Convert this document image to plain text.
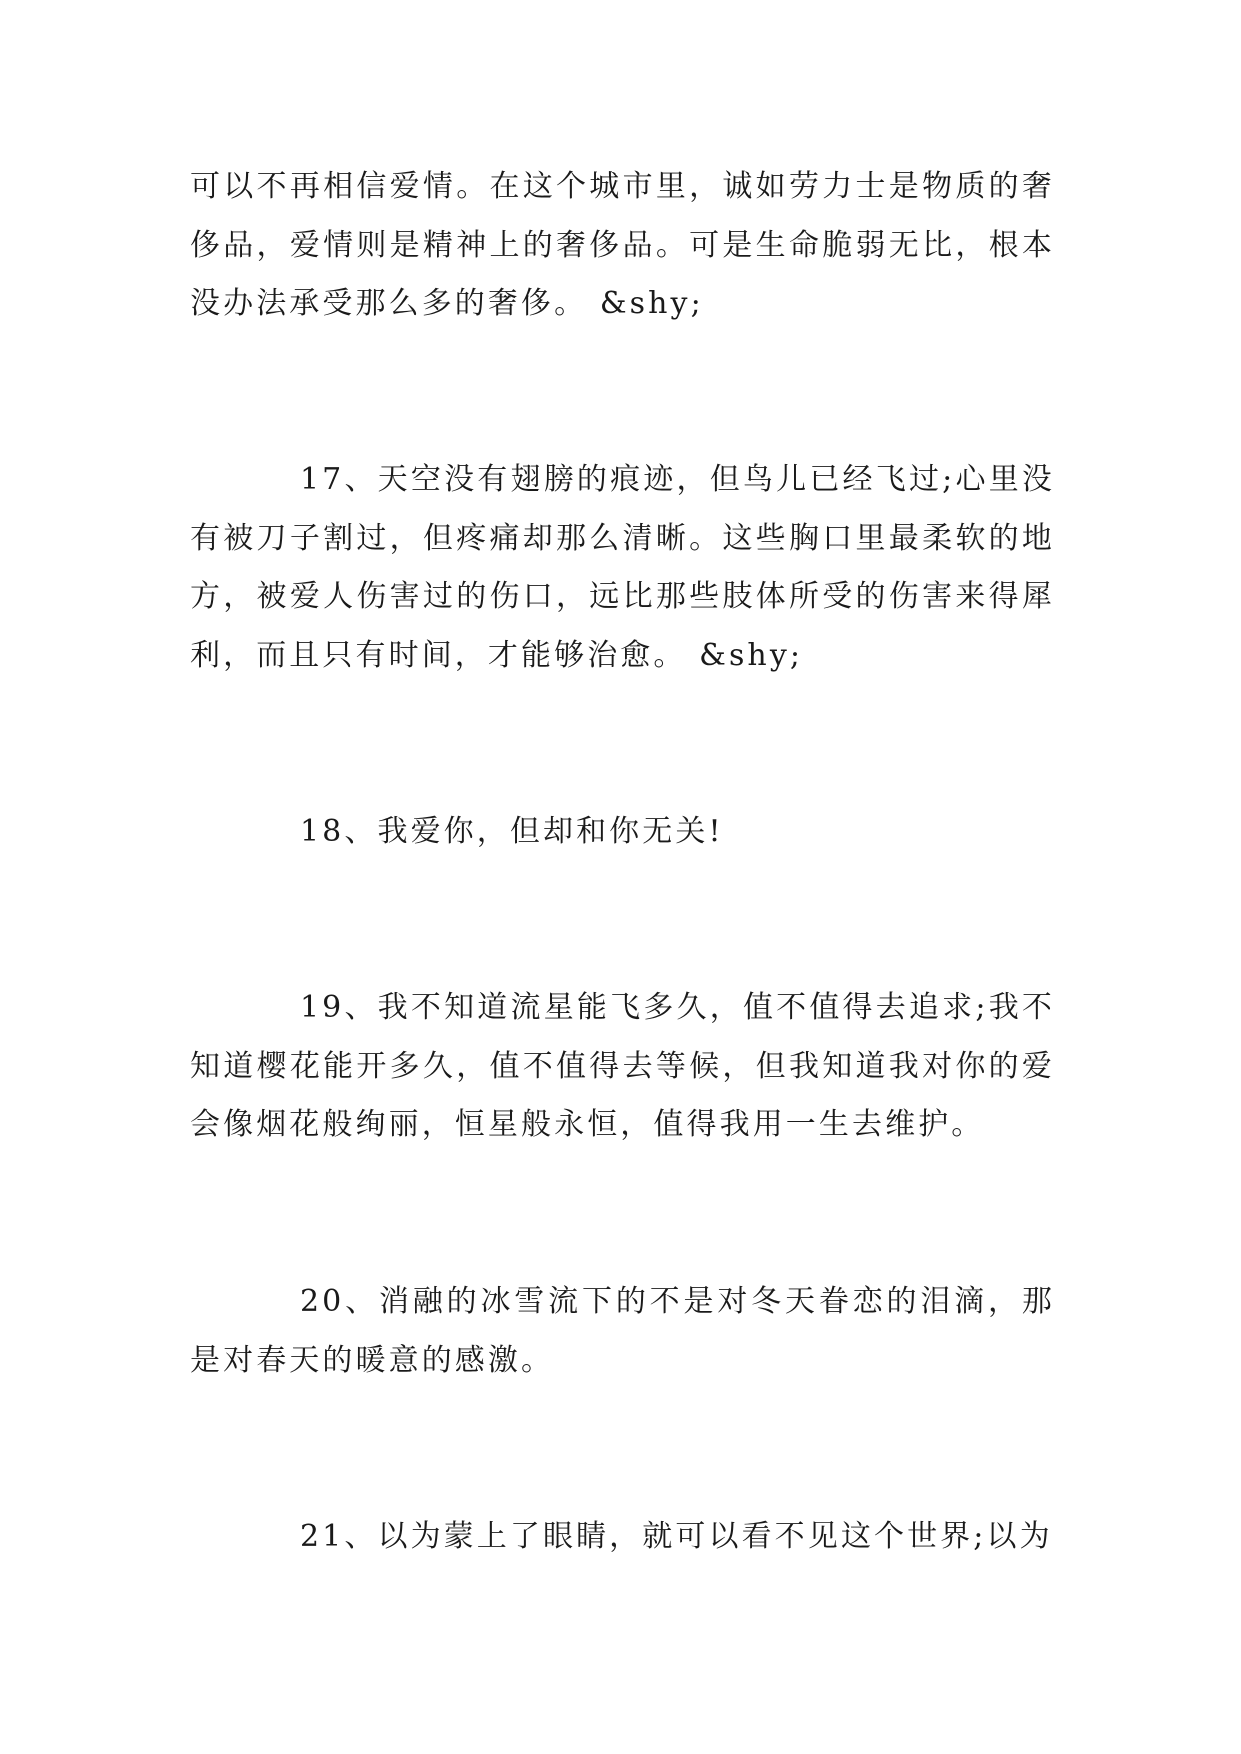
可以不再相信爱情。在这个城市里，诚如劳力士是物质的奢侈品，爱情则是精神上的奢侈品。可是生命脆弱无比，根本没办法承受那么多的奢侈。 &shy;

17、天空没有翅膀的痕迹，但鸟儿已经飞过;心里没有被刀子割过，但疼痛却那么清晰。这些胸口里最柔软的地方，被爱人伤害过的伤口，远比那些肢体所受的伤害来得犀利，而且只有时间，才能够治愈。 &shy;

18、我爱你，但却和你无关!

19、我不知道流星能飞多久，值不值得去追求;我不知道樱花能开多久，值不值得去等候，但我知道我对你的爱会像烟花般绚丽，恒星般永恒，值得我用一生去维护。

20、消融的冰雪流下的不是对冬天眷恋的泪滴，那是对春天的暖意的感激。

21、以为蒙上了眼睛，就可以看不见这个世界;以为
